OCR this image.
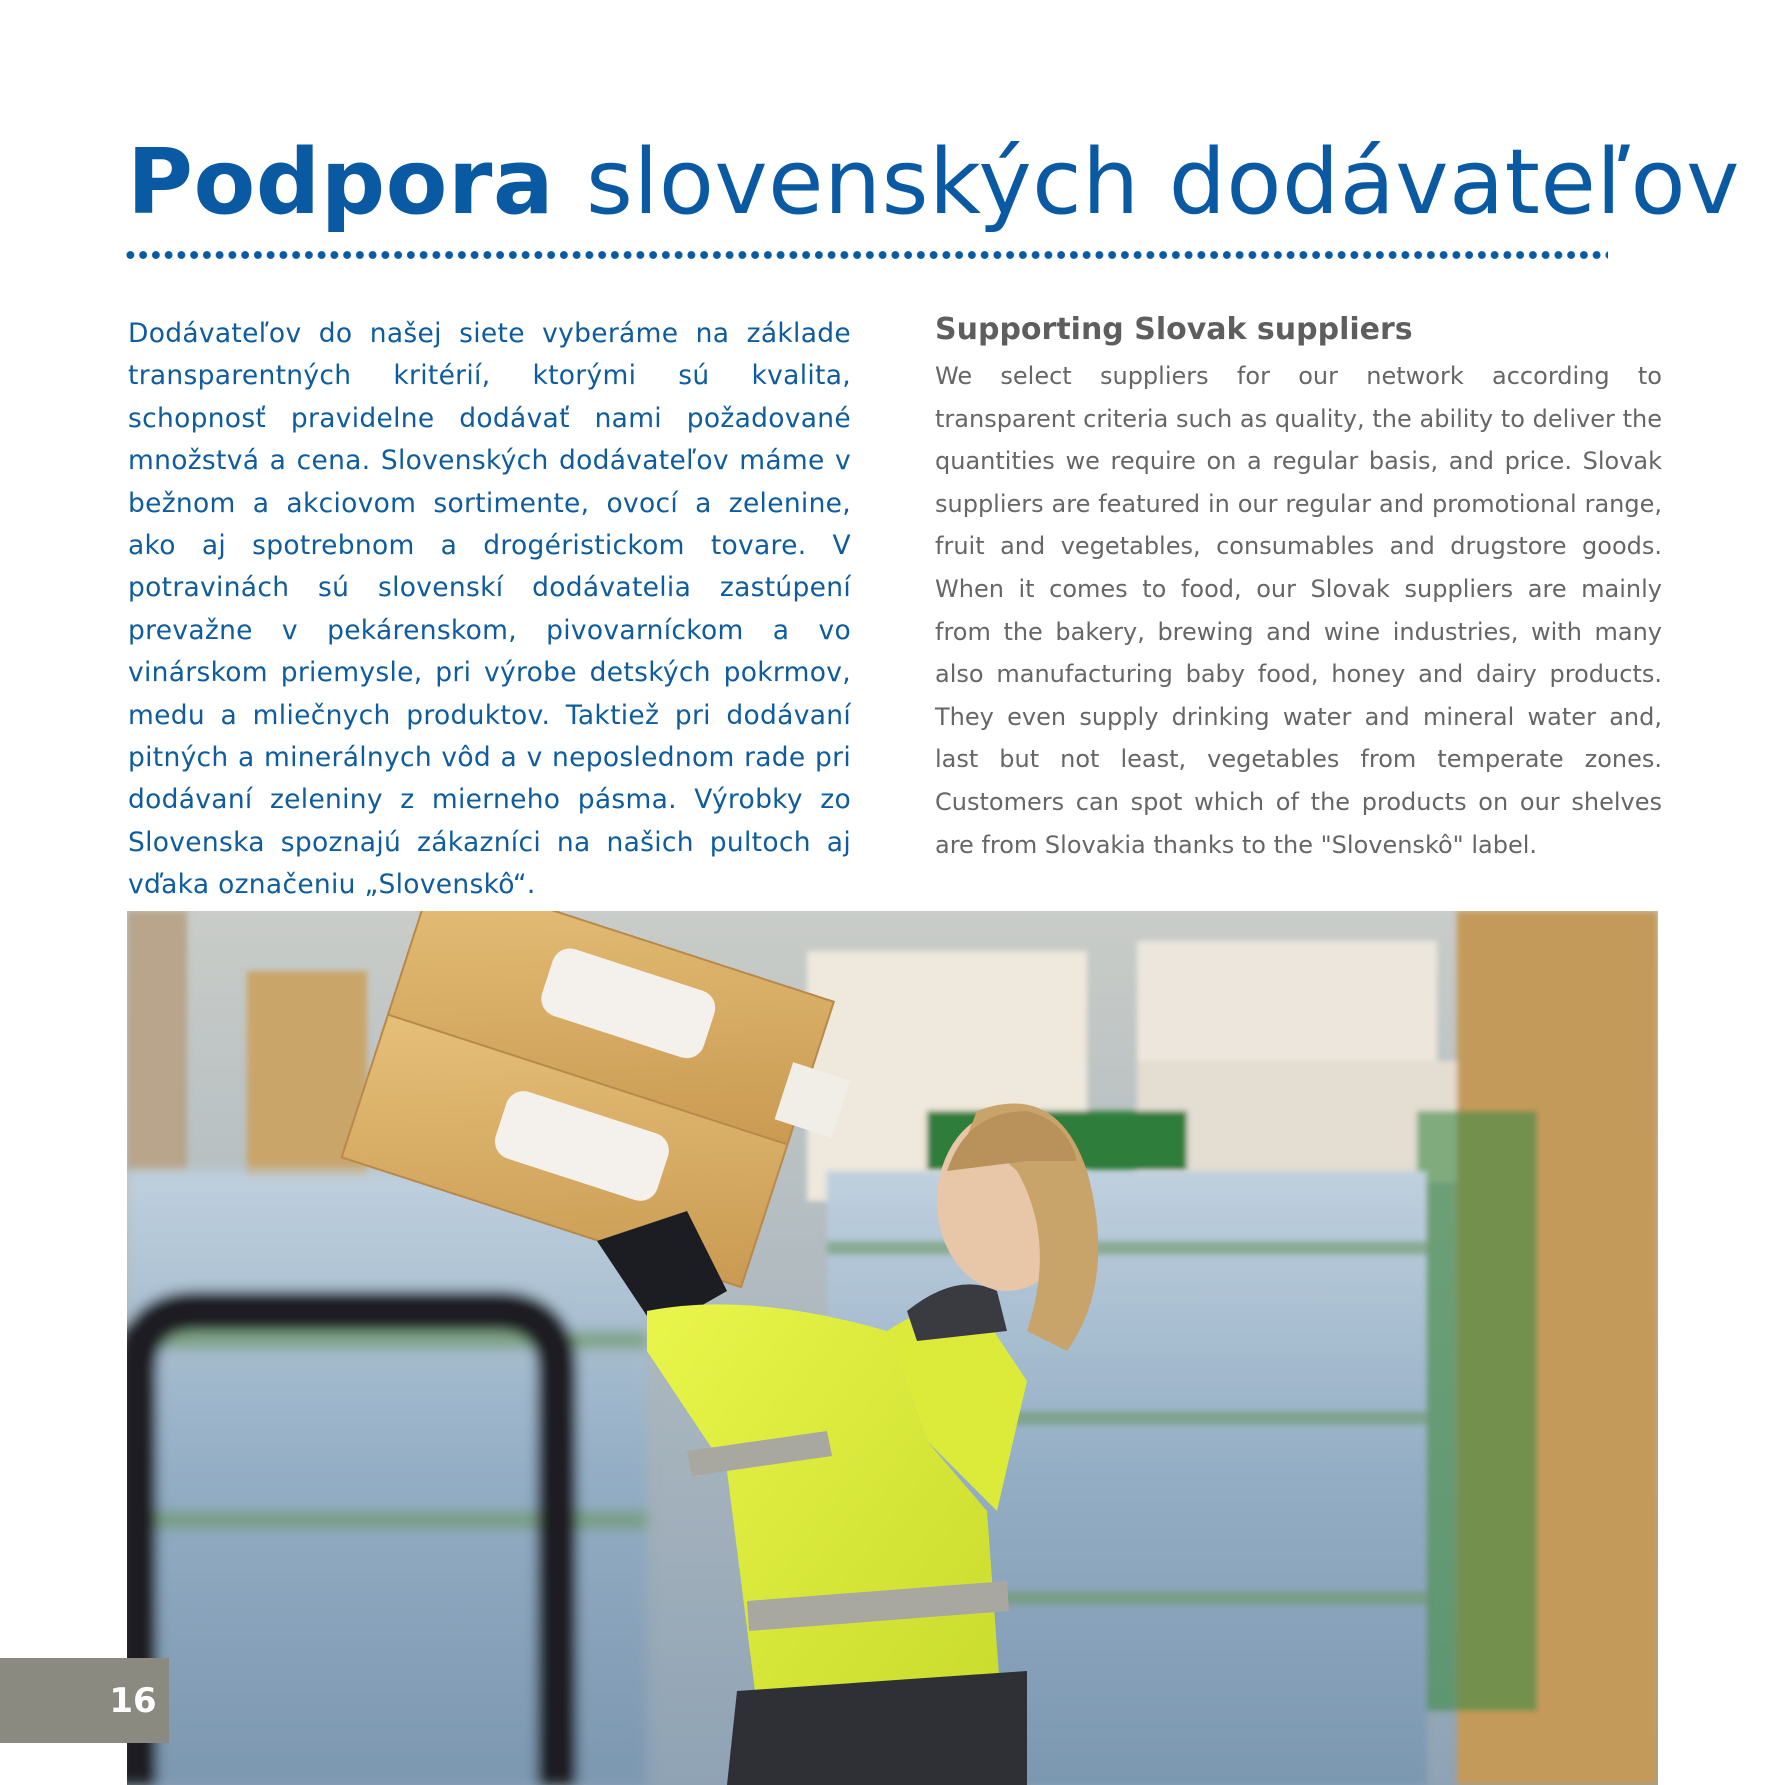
Podpora slovenských dodávateľov

Dodávateľov do našej siete vyberáme na základe transparentných kritérií, ktorými sú kvalita, schopnosť pravidelne dodávať nami požadované množstvá a cena. Slovenských dodávateľov máme v bežnom a akciovom sortimente, ovocí a zelenine, ako aj spotrebnom a drogéristickom tovare. V potravinách sú slovenskí dodávatelia zastúpení prevažne v pekárenskom, pivovarníckom a vo vinárskom priemysle, pri výrobe detských pokrmov, medu a mliečnych produktov. Taktiež pri dodávaní pitných a minerálnych vôd a v neposlednom rade pri dodávaní zeleniny z mierneho pásma. Výrobky zo Slovenska spoznajú zákazníci na našich pultoch aj vďaka označeniu „Slovenskô“.

Supporting Slovak suppliers

We select suppliers for our network according to transparent criteria such as quality, the ability to deliver the quantities we require on a regular basis, and price. Slovak suppliers are featured in our regular and promotional range, fruit and vegetables, consumables and drugstore goods. When it comes to food, our Slovak suppliers are mainly from the bakery, brewing and wine industries, with many also manufacturing baby food, honey and dairy products. They even supply drinking water and mineral water and, last but not least, vegetables from temperate zones. Customers can spot which of the products on our shelves are from Slovakia thanks to the "Slovenskô" label.

16
